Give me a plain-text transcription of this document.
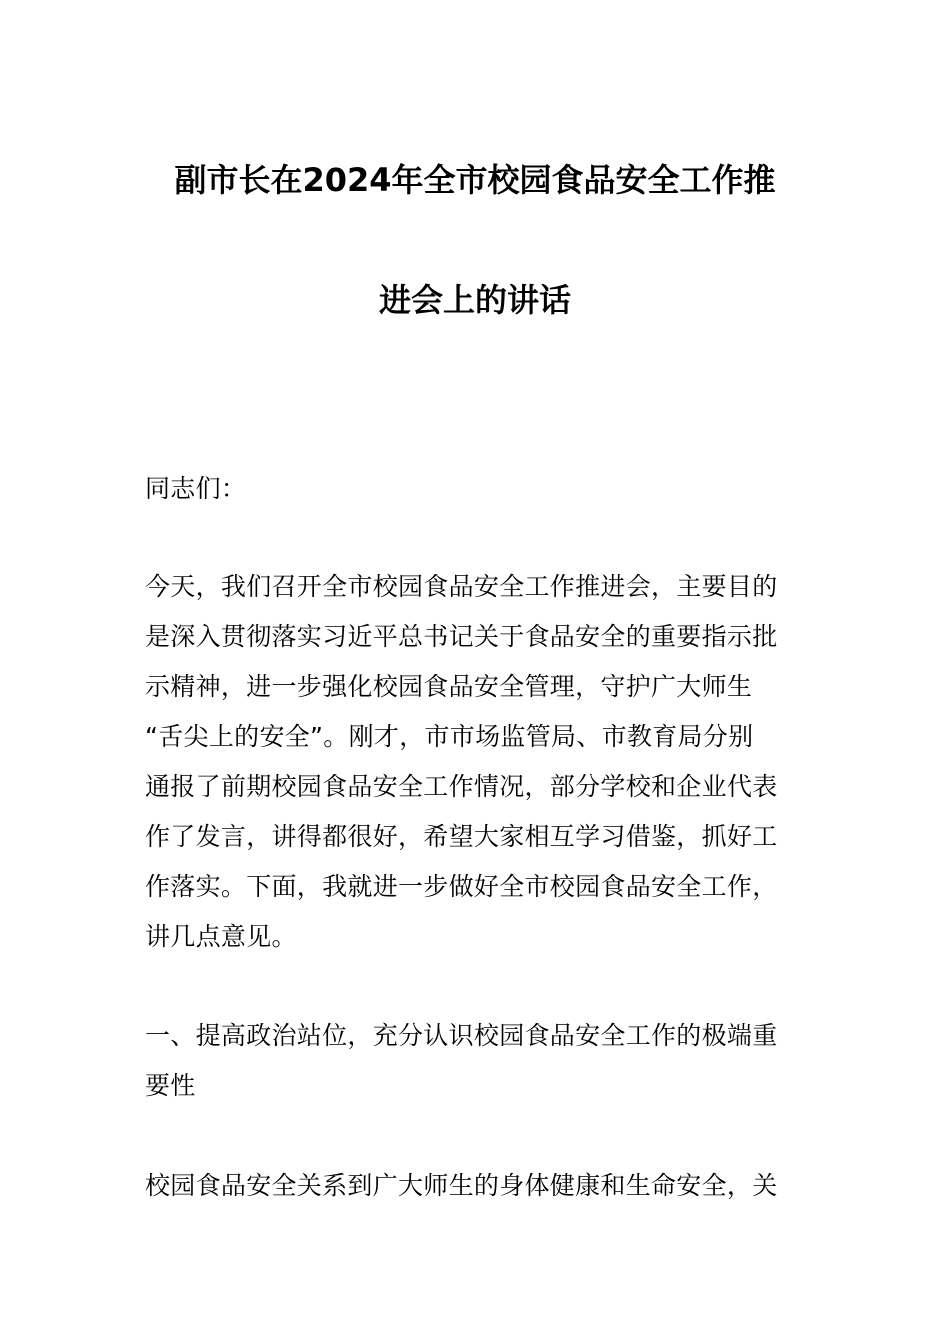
副市长在2024年全市校园食品安全工作推
进会上的讲话

同志们：

今天，我们召开全市校园食品安全工作推进会，主要目的
是深入贯彻落实习近平总书记关于食品安全的重要指示批
示精神，进一步强化校园食品安全管理，守护广大师生
“舌尖上的安全”。刚才，市市场监管局、市教育局分别
通报了前期校园食品安全工作情况，部分学校和企业代表
作了发言，讲得都很好，希望大家相互学习借鉴，抓好工
作落实。下面，我就进一步做好全市校园食品安全工作，
讲几点意见。
一、提高政治站位，充分认识校园食品安全工作的极端重
要性
校园食品安全关系到广大师生的身体健康和生命安全，关
